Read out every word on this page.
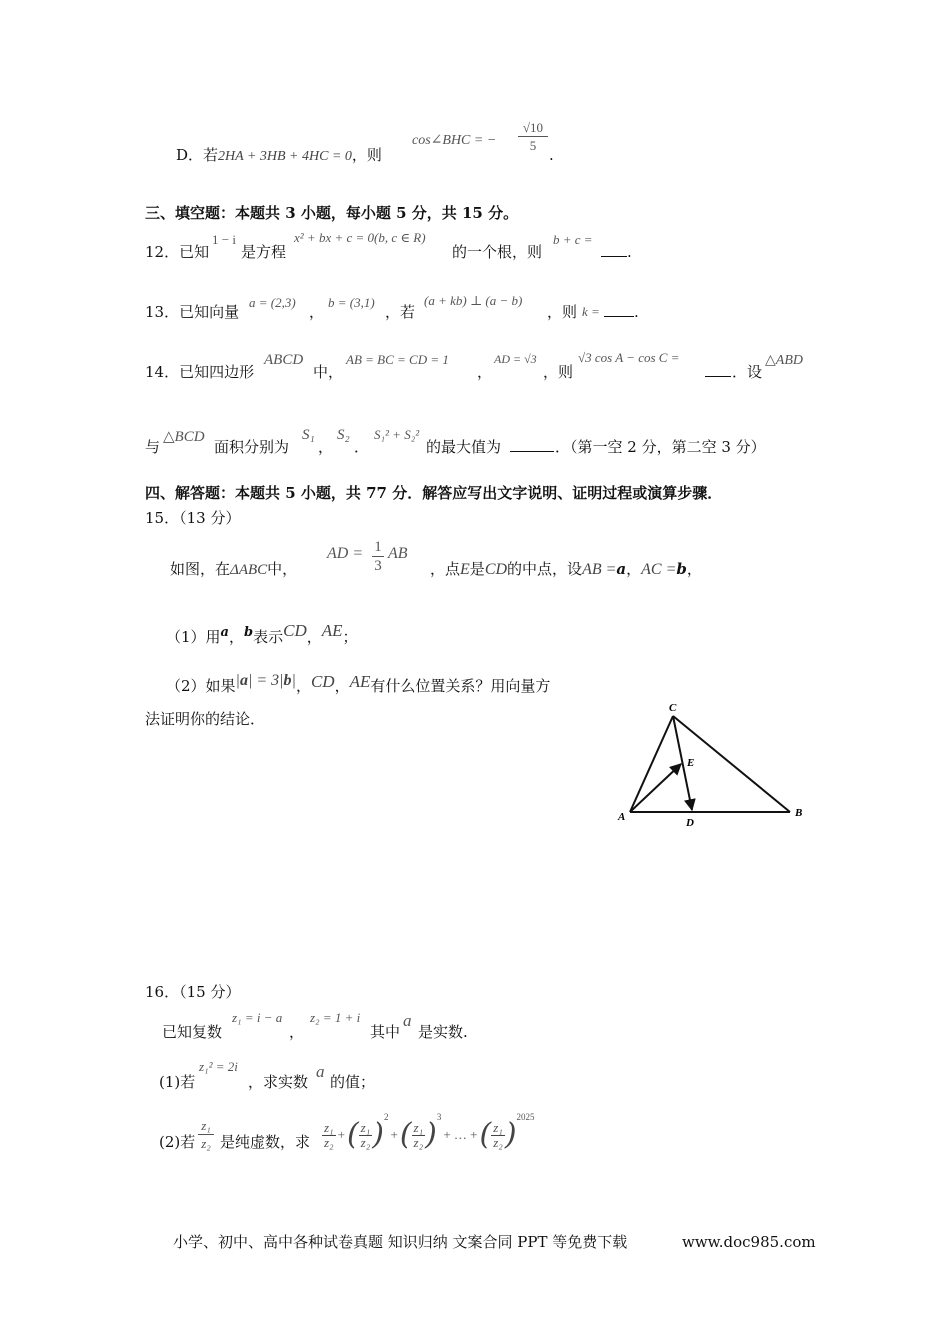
D．若2HA + 3HB + 4HC = 0，则
cos∠BHC = −
√10
5
.
三、填空题：本题共 3 小题，每小题 5 分，共 15 分。
12．已知
1 − i
是方程
x² + bx + c = 0(b, c ∈ R)
的一个根，则
b + c =
.
13．已知向量
a = (2,3)
，
b = (3,1)
，若
(a + kb) ⊥ (a − b)
，则 k =	.
14．已知四边形
ABCD
中，
AB = BC = CD = 1
，
AD = √3
，则
√3 cos A − cos C =
．设
△ABD
与
△BCD
面积分别为
S₁
，
S₂
．
S₁² + S₂²
的最大值为	．（第一空 2 分，第二空 3 分）
四、解答题：本题共 5 小题，共 77 分．解答应写出文字说明、证明过程或演算步骤．
15．（13 分）
如图，在ΔABC中，
AD = $\frac{1}{3}$ AB
，点E是CD的中点，设AB =a，AC =b，
（1）用a，b表示CD，AE；
（2）如果|a| = 3|b|，CD，AE有什么位置关系？用向量方
法证明你的结论．
C
E
A	D
B
16．（15 分）
已知复数
z₁ = i − a
，
z₂ = 1 + i
其中
a
是实数.
(1)若
z₁² = 2i
，求实数
a
的值；
(2)若 $\frac{\text{z₁}}{\text{z₂}}$ 是纯虚数，求 $\frac{\text{z₁}}{\text{z₂}}$ + ( $\frac{\text{z₁}}{\text{z₂}}$ ) 2
+ ( $\frac{\text{z₁}}{\text{z₂}}$ ) 3
+ … + ( $\frac{\text{z₁}}{\text{z₂}}$ ) 2025
小学、初中、高中各种试卷真题 知识归纳 文案合同 PPT 等免费下载	www.doc985.com
